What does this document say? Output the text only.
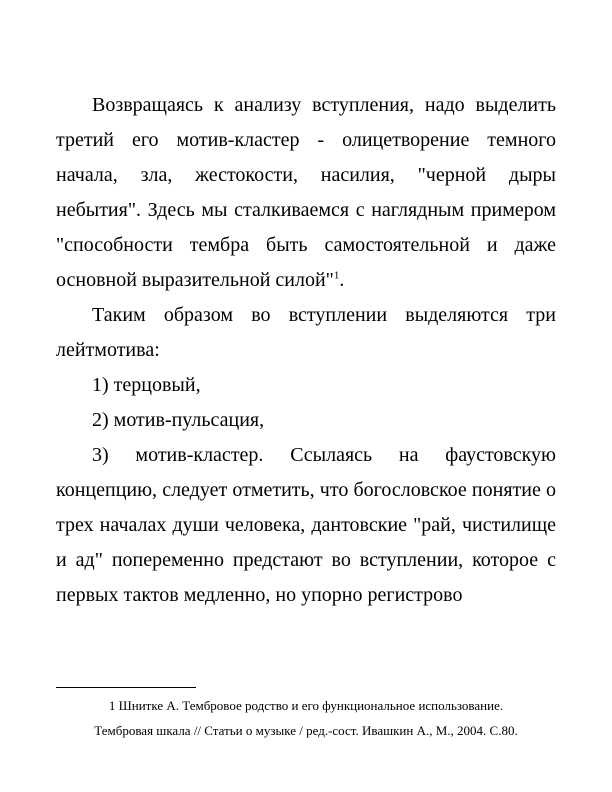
Возвращаясь к анализу вступления, надо выделить третий его мотив-кластер - олицетворение темного начала, зла, жестокости, насилия, "черной дыры небытия". Здесь мы сталкиваемся с наглядным примером "способности тембра быть самостоятельной и даже основной выразительной силой"$^1$.

Таким образом во вступлении выделяются три лейтмотива:

1) терцовый,

2) мотив-пульсация,

3) мотив-кластер. Ссылаясь на фаустовскую концепцию, следует отметить, что богословское понятие о трех началах души человека, дантовские "рай, чистилище и ад" попеременно предстают во вступлении, которое с первых тактов медленно, но упорно регистрово

1 Шнитке А. Тембровое родство и его функциональное использование.

Тембровая шкала // Статьи о музыке / ред.-сост. Ивашкин А., М., 2004. С.80.
